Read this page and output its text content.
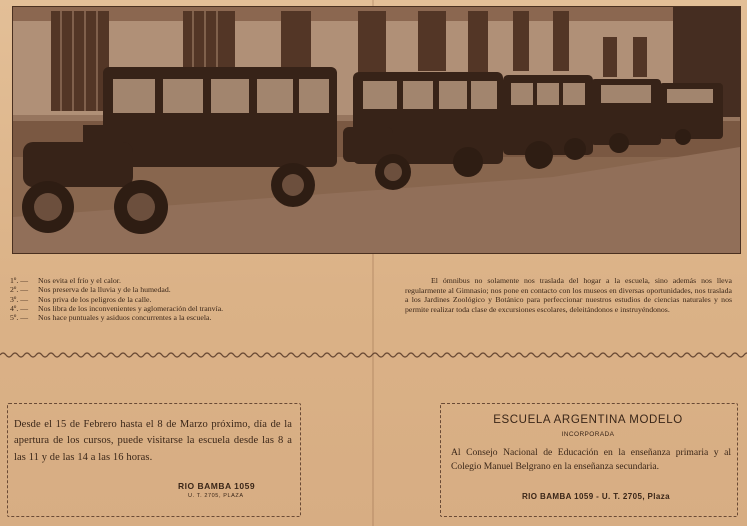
1º. —	Nos evita el frío y el calor.
2º. —	Nos preserva de la lluvia y de la humedad.
3º. —	Nos priva de los peligros de la calle.
4º. —	Nos libra de los inconvenientes y aglomeración del tranvía.
5º. —	Nos hace puntuales y asiduos concurrentes a la escuela.
El ómnibus no solamente nos traslada del hogar a la escuela, sino además nos lleva regularmente al Gimnasio; nos pone en contacto con los museos en diversas oportunidades, nos traslada a los Jardines Zoológico y Botánico para perfeccionar nuestros estudios de ciencias naturales y nos permite realizar toda clase de excursiones escolares, deleitándonos e instruyéndonos.
Desde el 15 de Febrero hasta el 8 de Marzo próximo, día de la apertura de los cursos, puede visitarse la escuela desde las 8 a las 11 y de las 14 a las 16 horas.
RIO BAMBA 1059
U. T. 2705, PLAZA
ESCUELA ARGENTINA MODELO
INCORPORADA
Al Consejo Nacional de Educación en la enseñanza primaria y al Colegio Manuel Belgrano en la enseñanza secundaria.
RIO BAMBA 1059 - U. T. 2705, Plaza
